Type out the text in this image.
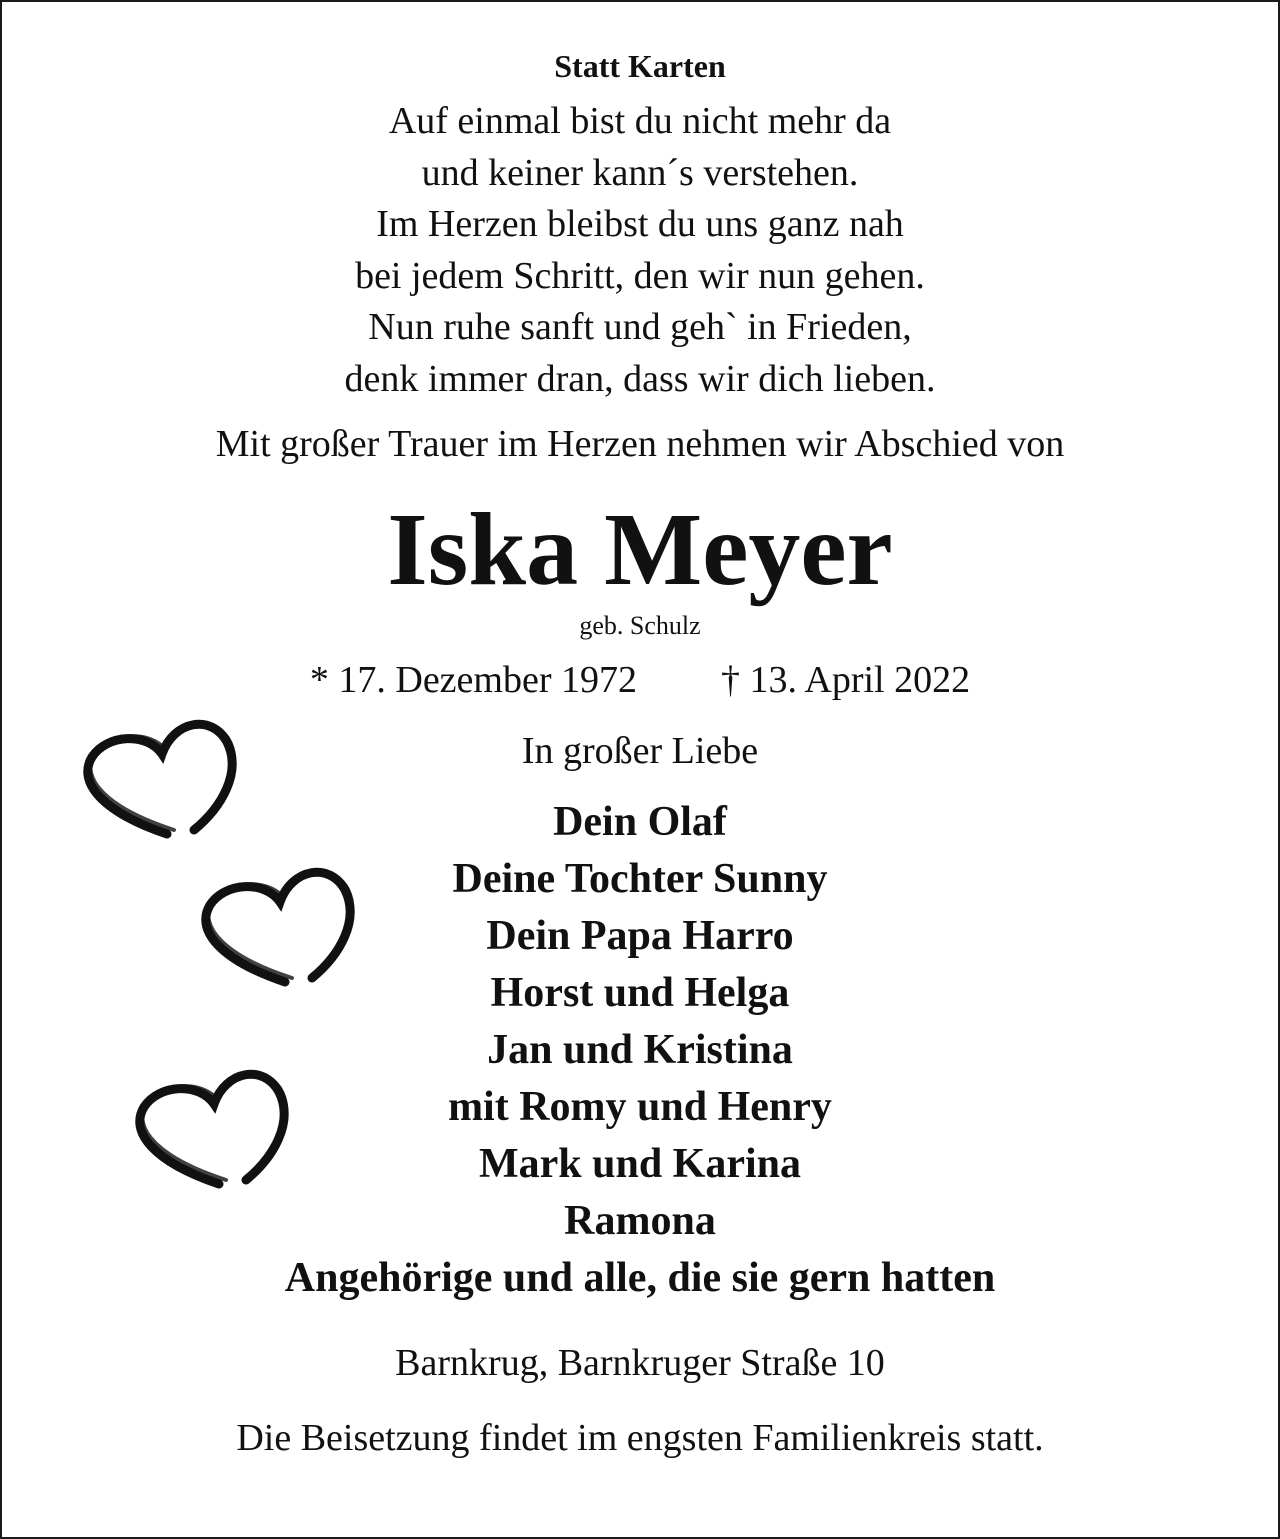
Statt Karten

Auf einmal bist du nicht mehr da
und keiner kann´s verstehen.
Im Herzen bleibst du uns ganz nah
bei jedem Schritt, den wir nun gehen.
Nun ruhe sanft und geh` in Frieden,
denk immer dran, dass wir dich lieben.

Mit großer Trauer im Herzen nehmen wir Abschied von

Iska Meyer

geb. Schulz

* 17. Dezember 1972 † 13. April 2022

In großer Liebe

Dein Olaf
Deine Tochter Sunny
Dein Papa Harro
Horst und Helga
Jan und Kristina
mit Romy und Henry
Mark und Karina
Ramona
Angehörige und alle, die sie gern hatten

Barnkrug, Barnkruger Straße 10

Die Beisetzung findet im engsten Familienkreis statt.
